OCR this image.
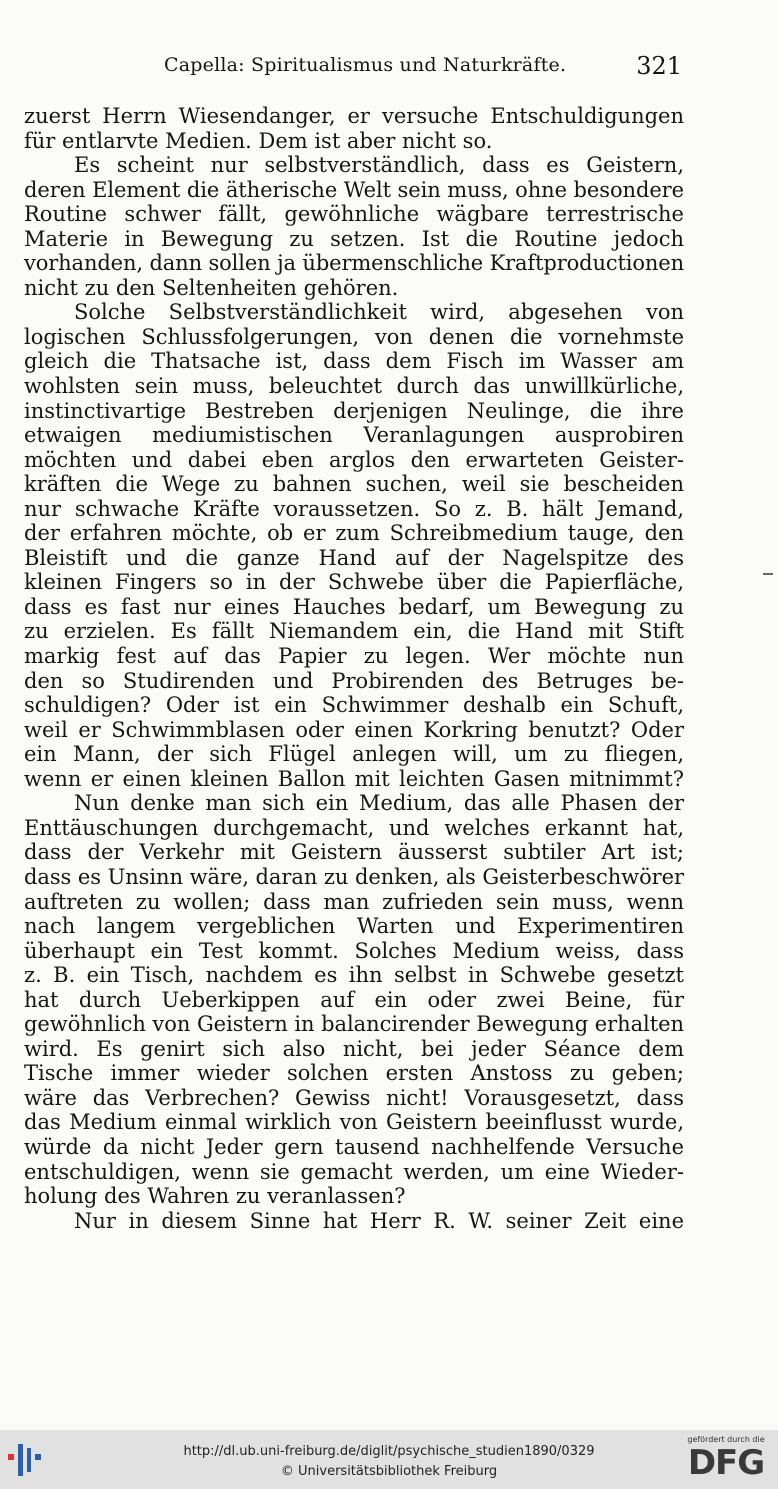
Capella: Spiritualismus und Naturkräfte.	321
zuerst Herrn Wiesendanger, er versuche Entschuldigungen
für entlarvte Medien. Dem ist aber nicht so.
Es scheint nur selbstverständlich, dass es Geistern,
deren Element die ätherische Welt sein muss, ohne besondere
Routine schwer fällt, gewöhnliche wägbare terrestrische
Materie in Bewegung zu setzen. Ist die Routine jedoch
vorhanden, dann sollen ja übermenschliche Kraftproductionen
nicht zu den Seltenheiten gehören.
Solche Selbstverständlichkeit wird, abgesehen von
logischen Schlussfolgerungen, von denen die vornehmste
gleich die Thatsache ist, dass dem Fisch im Wasser am
wohlsten sein muss, beleuchtet durch das unwillkürliche,
instinctivartige Bestreben derjenigen Neulinge, die ihre
etwaigen mediumistischen Veranlagungen ausprobiren
möchten und dabei eben arglos den erwarteten Geister-
kräften die Wege zu bahnen suchen, weil sie bescheiden
nur schwache Kräfte voraussetzen. So z. B. hält Jemand,
der erfahren möchte, ob er zum Schreibmedium tauge, den
Bleistift und die ganze Hand auf der Nagelspitze des
kleinen Fingers so in der Schwebe über die Papierfläche,
dass es fast nur eines Hauches bedarf, um Bewegung zu
zu erzielen. Es fällt Niemandem ein, die Hand mit Stift
markig fest auf das Papier zu legen. Wer möchte nun
den so Studirenden und Probirenden des Betruges be-
schuldigen? Oder ist ein Schwimmer deshalb ein Schuft,
weil er Schwimmblasen oder einen Korkring benutzt? Oder
ein Mann, der sich Flügel anlegen will, um zu fliegen,
wenn er einen kleinen Ballon mit leichten Gasen mitnimmt?
Nun denke man sich ein Medium, das alle Phasen der
Enttäuschungen durchgemacht, und welches erkannt hat,
dass der Verkehr mit Geistern äusserst subtiler Art ist;
dass es Unsinn wäre, daran zu denken, als Geisterbeschwörer
auftreten zu wollen; dass man zufrieden sein muss, wenn
nach langem vergeblichen Warten und Experimentiren
überhaupt ein Test kommt. Solches Medium weiss, dass
z. B. ein Tisch, nachdem es ihn selbst in Schwebe gesetzt
hat durch Ueberkippen auf ein oder zwei Beine, für
gewöhnlich von Geistern in balancirender Bewegung erhalten
wird. Es genirt sich also nicht, bei jeder Séance dem
Tische immer wieder solchen ersten Anstoss zu geben;
wäre das Verbrechen? Gewiss nicht! Vorausgesetzt, dass
das Medium einmal wirklich von Geistern beeinflusst wurde,
würde da nicht Jeder gern tausend nachhelfende Versuche
entschuldigen, wenn sie gemacht werden, um eine Wieder-
holung des Wahren zu veranlassen?
Nur in diesem Sinne hat Herr R. W. seiner Zeit eine
http://dl.ub.uni-freiburg.de/diglit/psychische_studien1890/0329
© Universitätsbibliothek Freiburg
gefördert durch die
DFG
